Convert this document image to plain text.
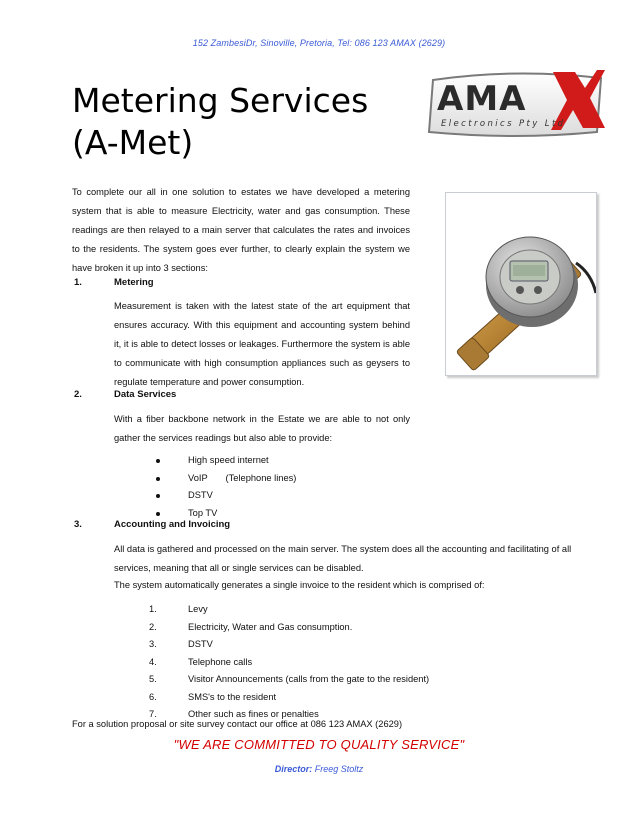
152 ZambesiDr, Sinoville, Pretoria, Tel: 086 123 AMAX (2629)
Metering Services
(A-Met)
AMA
Electronics Pty Ltd
To complete our all in one solution to estates we have developed a metering system that is able to measure Electricity, water and gas consumption. These readings are then relayed to a main server that calculates the rates and invoices to the residents. The system goes ever further, to clearly explain the system we have broken it up into 3 sections:
1.	Metering
Measurement is taken with the latest state of the art equipment that ensures accuracy. With this equipment and accounting system behind it, it is able to detect losses or leakages. Furthermore the system is able to communicate with high consumption appliances such as geysers to regulate temperature and power consumption.
2.	Data Services
With a fiber backbone network in the Estate we are able to not only gather the services readings but also able to provide:
High speed internet
VoIP       (Telephone lines)
DSTV
Top TV
3.	Accounting and Invoicing
All data is gathered and processed on the main server. The system does all the accounting and facilitating of all services, meaning that all or single services can be disabled.
The system automatically generates a single invoice to the resident which is comprised of:
1.	Levy
2.	Electricity, Water and Gas consumption.
3.	DSTV
4.	Telephone calls
5.	Visitor Announcements (calls from the gate to the resident)
6.	SMS's to the resident
7.	Other such as fines or penalties
For a solution proposal or site survey contact our office at 086 123 AMAX (2629)
"WE ARE COMMITTED TO QUALITY SERVICE"
Director: Freeg Stoltz
